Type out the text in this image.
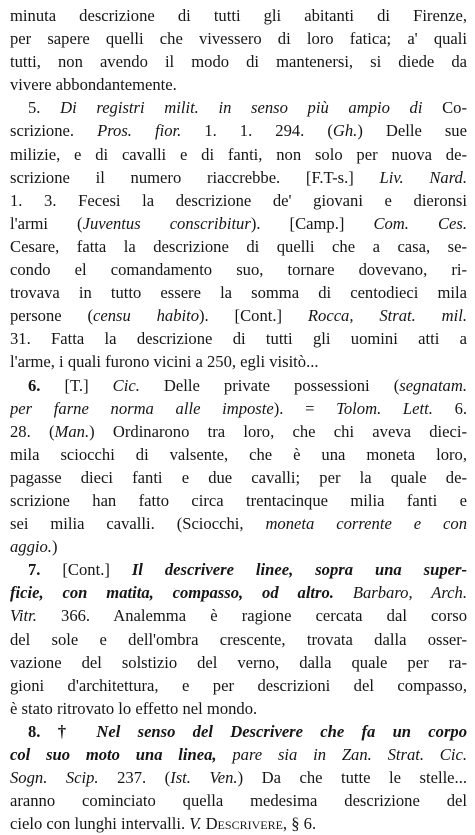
minuta descrizione di tutti gli abitanti di Firenze,
per sapere quelli che vivessero di loro fatica; a' quali
tutti, non avendo il modo di mantenersi, si diede da
vivere abbondantemente.
5. Di registri milit. in senso più ampio di Co-
scrizione. Pros. fior. 1. 1. 294. (Gh.) Delle sue
milizie, e di cavalli e di fanti, non solo per nuova de-
scrizione il numero riaccrebbe. [F.T-s.] Liv. Nard.
1. 3. Fecesi la descrizione de' giovani e dieronsi
l'armi (Juventus conscribitur). [Camp.] Com. Ces.
Cesare, fatta la descrizione di quelli che a casa, se-
condo el comandamento suo, tornare dovevano, ri-
trovava in tutto essere la somma di centodieci mila
persone (censu habito). [Cont.] Rocca, Strat. mil.
31. Fatta la descrizione di tutti gli uomini atti a
l'arme, i quali furono vicini a 250, egli visitò...
6. [T.] Cic. Delle private possessioni (segnatam.
per farne norma alle imposte). = Tolom. Lett. 6.
28. (Man.) Ordinarono tra loro, che chi aveva dieci-
mila sciocchi di valsente, che è una moneta loro,
pagasse dieci fanti e due cavalli; per la quale de-
scrizione han fatto circa trentacinque milia fanti e
sei milia cavalli. (Sciocchi, moneta corrente e con
aggio.)
7. [Cont.] Il descrivere linee, sopra una super-
ficie, con matita, compasso, od altro. Barbaro, Arch.
Vitr. 366. Analemma è ragione cercata dal corso
del sole e dell'ombra crescente, trovata dalla osser-
vazione del solstizio del verno, dalla quale per ra-
gioni d'architettura, e per descrizioni del compasso,
è stato ritrovato lo effetto nel mondo.
8. † Nel senso del Descrivere che fa un corpo
col suo moto una linea, pare sia in Zan. Strat. Cic.
Sogn. Scip. 237. (Ist. Ven.) Da che tutte le stelle...
aranno cominciato quella medesima descrizione del
cielo con lunghi intervalli. V. Descrivere, § 6.
